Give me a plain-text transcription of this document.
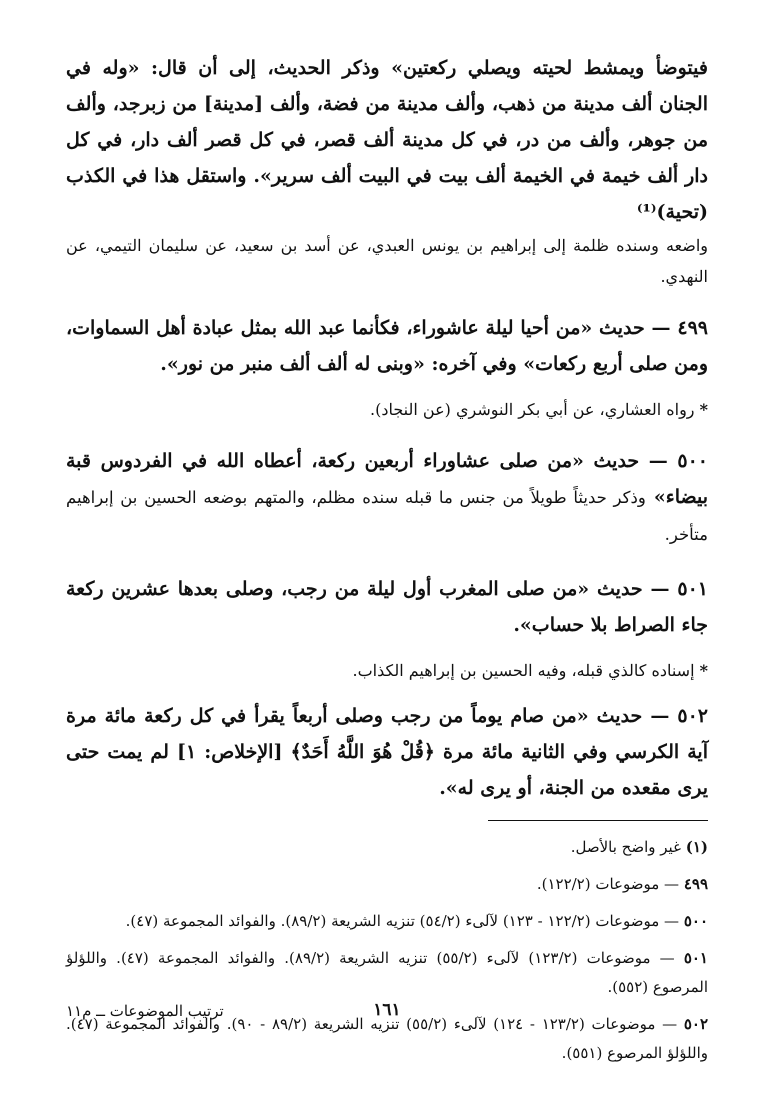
فيتوضأ ويمشط لحيته ويصلي ركعتين» وذكر الحديث، إلى أن قال: «وله في الجنان ألف مدينة من ذهب، وألف مدينة من فضة، وألف [مدينة] من زبرجد، وألف من جوهر، وألف من در، في كل مدينة ألف قصر، في كل قصر ألف دار، في كل دار ألف خيمة في الخيمة ألف بيت في البيت ألف سرير». واستقل هذا في الكذب (تحية)⁽¹⁾

واضعه وسنده ظلمة إلى إبراهيم بن يونس العبدي، عن أسد بن سعيد، عن سليمان التيمي، عن النهدي.

٤٩٩ — حديث «من أحيا ليلة عاشوراء، فكأنما عبد الله بمثل عبادة أهل السماوات، ومن صلى أربع ركعات» وفي آخره: «وبنى له ألف ألف منبر من نور».

* رواه العشاري، عن أبي بكر النوشري (عن النجاد).

٥٠٠ — حديث «من صلى عشاوراء أربعين ركعة، أعطاه الله في الفردوس قبة بيضاء» وذكر حديثاً طويلاً من جنس ما قبله سنده مظلم، والمتهم بوضعه الحسين بن إبراهيم متأخر.

٥٠١ — حديث «من صلى المغرب أول ليلة من رجب، وصلى بعدها عشرين ركعة جاء الصراط بلا حساب».

* إسناده كالذي قبله، وفيه الحسين بن إبراهيم الكذاب.

٥٠٢ — حديث «من صام يوماً من رجب وصلى أربعاً يقرأ في كل ركعة مائة مرة آية الكرسي وفي الثانية مائة مرة ﴿قُلْ هُوَ اللَّهُ أَحَدٌ﴾ [الإخلاص: ١] لم يمت حتى يرى مقعده من الجنة، أو يرى له».

(١) غير واضح بالأصل.

٤٩٩ — موضوعات (١٢٢/٢).

٥٠٠ — موضوعات (١٢٢/٢ - ١٢٣) لآلىء (٥٤/٢) تنزيه الشريعة (٨٩/٢). والفوائد المجموعة (٤٧).

٥٠١ — موضوعات (١٢٣/٢) لآلىء (٥٥/٢) تنزيه الشريعة (٨٩/٢). والفوائد المجموعة (٤٧). واللؤلؤ المرصوع (٥٥٢).

٥٠٢ — موضوعات (١٢٣/٢ - ١٢٤) لآلىء (٥٥/٢) تنزيه الشريعة (٨٩/٢ - ٩٠). والفوائد المجموعة (٤٧). واللؤلؤ المرصوع (٥٥١).

١٦١
ترتيب الموضوعات ــ م١١
